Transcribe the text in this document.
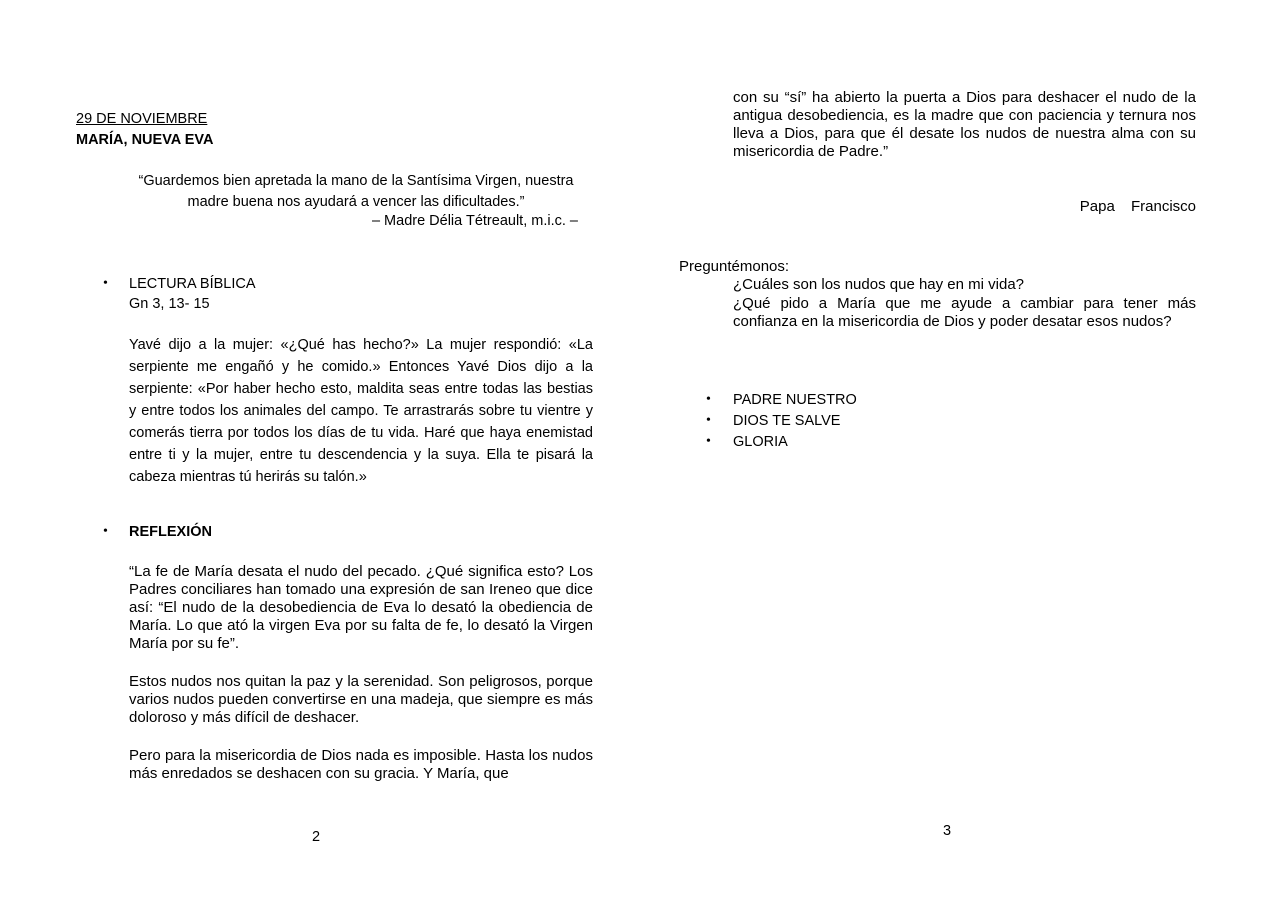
29 DE NOVIEMBRE
MARÍA, NUEVA EVA
“Guardemos bien apretada la mano de la Santísima Virgen, nuestra
madre buena nos ayudará a vencer las dificultades.”
– Madre Délia Tétreault, m.i.c. –
• LECTURA BÍBLICA
Gn 3, 13- 15

Yavé dijo a la mujer: «¿Qué has hecho?» La mujer respondió: «La serpiente me engañó y he comido.» Entonces Yavé Dios dijo a la serpiente: «Por haber hecho esto, maldita seas entre todas las bestias y entre todos los animales del campo. Te arrastrarás sobre tu vientre y comerás tierra por todos los días de tu vida. Haré que haya enemistad entre ti y la mujer, entre tu descendencia y la suya. Ella te pisará la cabeza mientras tú herirás su talón.»

• REFLEXIÓN

“La fe de María desata el nudo del pecado. ¿Qué significa esto? Los Padres conciliares han tomado una expresión de san Ireneo que dice así: “El nudo de la desobediencia de Eva lo desató la obediencia de María. Lo que ató la virgen Eva por su falta de fe, lo desató la Virgen María por su fe”.

Estos nudos nos quitan la paz y la serenidad. Son peligrosos, porque varios nudos pueden convertirse en una madeja, que siempre es más doloroso y más difícil de deshacer.

Pero para la misericordia de Dios nada es imposible. Hasta los nudos más enredados se deshacen con su gracia. Y María, que

2

con su “sí” ha abierto la puerta a Dios para deshacer el nudo de la antigua desobediencia, es la madre que con paciencia y ternura nos lleva a Dios, para que él desate los nudos de nuestra alma con su misericordia de Padre.”

Papa Francisco
Preguntémonos:

¿Cuáles son los nudos que hay en mi vida?

¿Qué pido a María que me ayude a cambiar para tener más confianza en la misericordia de Dios y poder desatar esos nudos?

• PADRE NUESTRO
• DIOS TE SALVE
• GLORIA
3
